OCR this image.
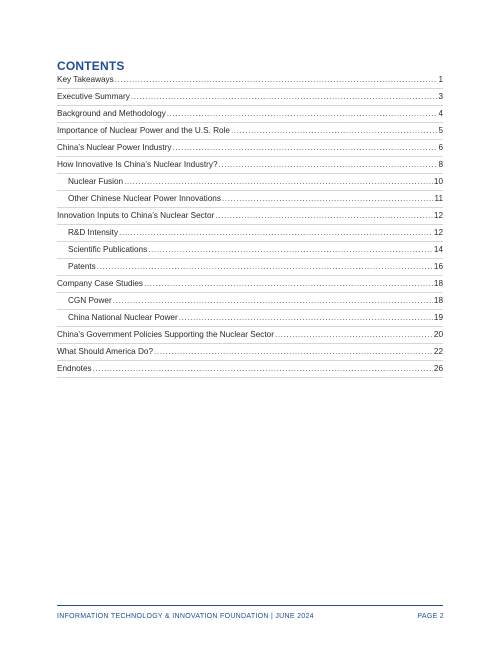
CONTENTS
Key Takeaways .....	1
Executive Summary .....	3
Background and Methodology .....	4
Importance of Nuclear Power and the U.S. Role .....	5
China’s Nuclear Power Industry .....	6
How Innovative Is China’s Nuclear Industry? .....	8
Nuclear Fusion .....	10
Other Chinese Nuclear Power Innovations .....	11
Innovation Inputs to China’s Nuclear Sector .....	12
R&D Intensity .....	12
Scientific Publications .....	14
Patents .....	16
Company Case Studies .....	18
CGN Power .....	18
China National Nuclear Power .....	19
China’s Government Policies Supporting the Nuclear Sector .....	20
What Should America Do? .....	22
Endnotes .....	26
INFORMATION TECHNOLOGY & INNOVATION FOUNDATION | JUNE 2024	PAGE 2
